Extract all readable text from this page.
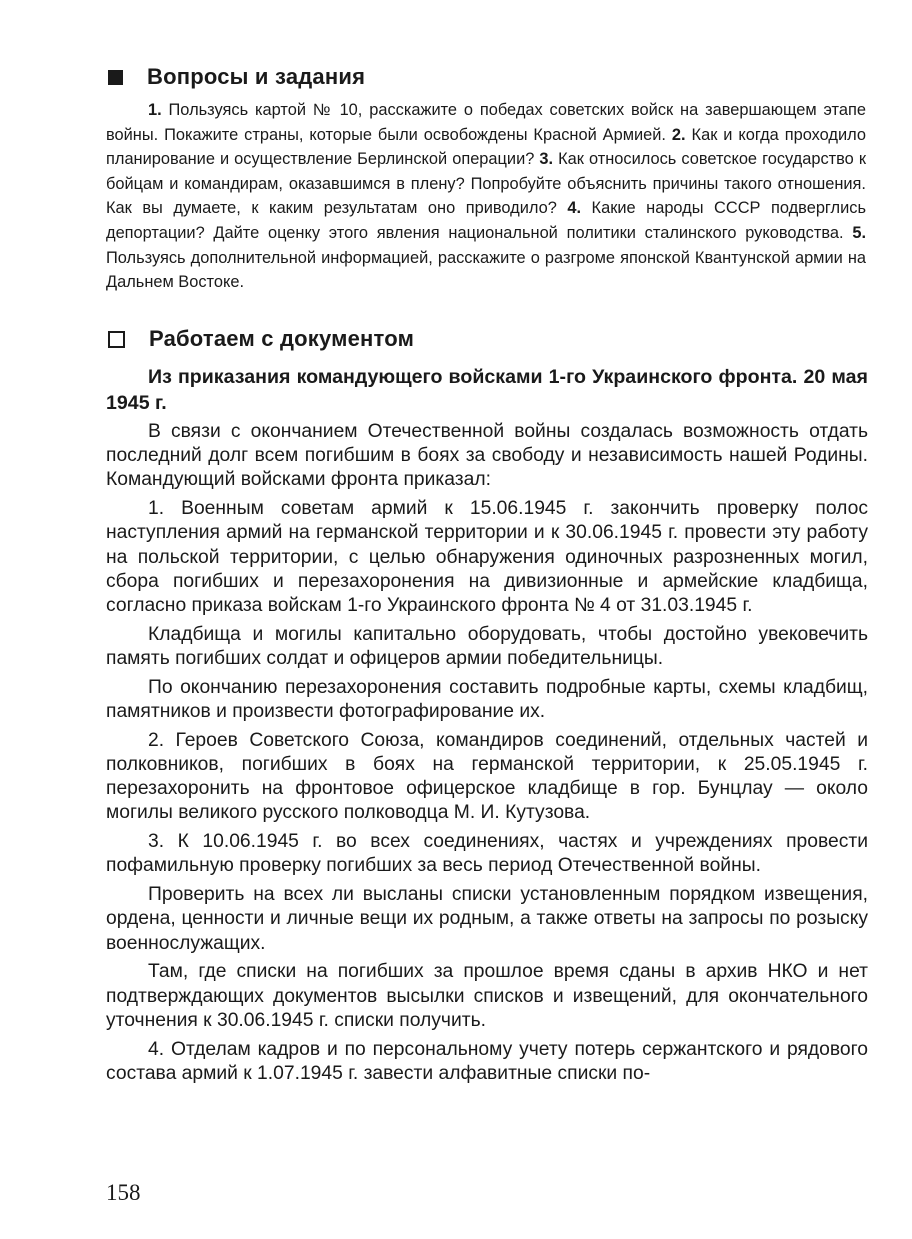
Вопросы и задания

1. Пользуясь картой № 10, расскажите о победах советских войск на завершающем этапе войны. Покажите страны, которые были освобождены Красной Армией. 2. Как и когда проходило планирование и осуществление Берлинской операции? 3. Как относилось советское государство к бойцам и командирам, оказавшимся в плену? Попробуйте объяснить причины такого отношения. Как вы думаете, к каким результатам оно приводило? 4. Какие народы СССР подверглись депортации? Дайте оценку этого явления национальной политики сталинского руководства. 5. Пользуясь дополнительной информацией, расскажите о разгроме японской Квантунской армии на Дальнем Востоке.

Работаем с документом

Из приказания командующего войсками 1-го Украинского фронта. 20 мая 1945 г.

В связи с окончанием Отечественной войны создалась возможность отдать последний долг всем погибшим в боях за свободу и независимость нашей Родины. Командующий войсками фронта приказал:

1. Военным советам армий к 15.06.1945 г. закончить проверку полос наступления армий на германской территории и к 30.06.1945 г. провести эту работу на польской территории, с целью обнаружения одиночных разрозненных могил, сбора погибших и перезахоронения на дивизионные и армейские кладбища, согласно приказа войскам 1-го Украинского фронта № 4 от 31.03.1945 г.

Кладбища и могилы капитально оборудовать, чтобы достойно увековечить память погибших солдат и офицеров армии победительницы.

По окончанию перезахоронения составить подробные карты, схемы кладбищ, памятников и произвести фотографирование их.

2. Героев Советского Союза, командиров соединений, отдельных частей и полковников, погибших в боях на германской территории, к 25.05.1945 г. перезахоронить на фронтовое офицерское кладбище в гор. Бунцлау — около могилы великого русского полководца М. И. Кутузова.

3. К 10.06.1945 г. во всех соединениях, частях и учреждениях провести пофамильную проверку погибших за весь период Отечественной войны.

Проверить на всех ли высланы списки установленным порядком извещения, ордена, ценности и личные вещи их родным, а также ответы на запросы по розыску военнослужащих.

Там, где списки на погибших за прошлое время сданы в архив НКО и нет подтверждающих документов высылки списков и извещений, для окончательного уточнения к 30.06.1945 г. списки получить.

4. Отделам кадров и по персональному учету потерь сержантского и рядового состава армий к 1.07.1945 г. завести алфавитные списки по-

158
